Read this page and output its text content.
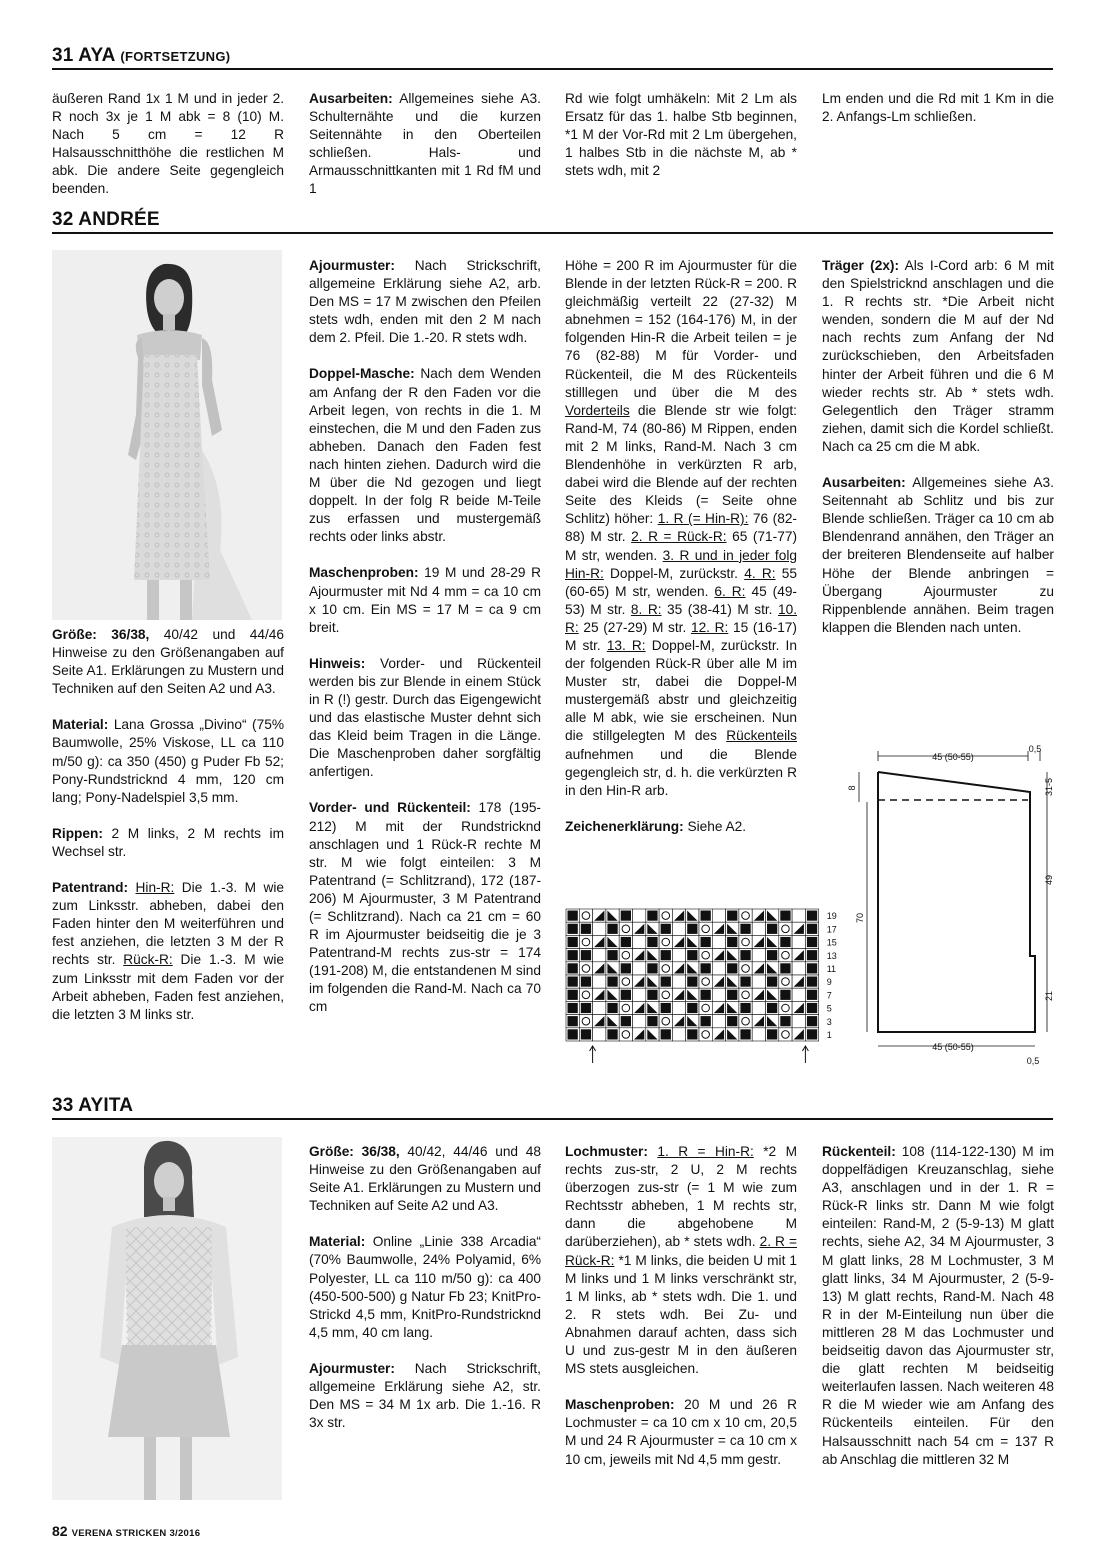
31 AYA (FORTSETZUNG)

äußeren Rand 1x 1 M und in jeder 2. R noch 3x je 1 M abk = 8 (10) M. Nach 5 cm = 12 R Halsausschnitthöhe die restlichen M abk. Die andere Seite gegengleich beenden.

Ausarbeiten: Allgemeines siehe A3. Schulternähte und die kurzen Seitennähte in den Oberteilen schließen. Hals- und Armausschnittkanten mit 1 Rd fM und 1

Rd wie folgt umhäkeln: Mit 2 Lm als Ersatz für das 1. halbe Stb beginnen, *1 M der Vor-Rd mit 2 Lm übergehen, 1 halbes Stb in die nächste M, ab * stets wdh, mit 2

Lm enden und die Rd mit 1 Km in die 2. Anfangs-Lm schließen.

32 ANDRÉE

Größe: 36/38, 40/42 und 44/46 Hinweise zu den Größenangaben auf Seite A1. Erklärungen zu Mustern und Techniken auf den Seiten A2 und A3.

Material: Lana Grossa „Divino“ (75% Baumwolle, 25% Viskose, LL ca 110 m/50 g): ca 350 (450) g Puder Fb 52; Pony-Rundstricknd 4 mm, 120 cm lang; Pony-Nadelspiel 3,5 mm.

Rippen: 2 M links, 2 M rechts im Wechsel str.

Patentrand: Hin-R: Die 1.-3. M wie zum Linksstr. abheben, dabei den Faden hinter den M weiterführen und fest anziehen, die letzten 3 M der R rechts str. Rück-R: Die 1.-3. M wie zum Linksstr mit dem Faden vor der Arbeit abheben, Faden fest anziehen, die letzten 3 M links str.

Ajourmuster: Nach Strickschrift, allgemeine Erklärung siehe A2, arb. Den MS = 17 M zwischen den Pfeilen stets wdh, enden mit den 2 M nach dem 2. Pfeil. Die 1.-20. R stets wdh.

Doppel-Masche: Nach dem Wenden am Anfang der R den Faden vor die Arbeit legen, von rechts in die 1. M einstechen, die M und den Faden zus abheben. Danach den Faden fest nach hinten ziehen. Dadurch wird die M über die Nd gezogen und liegt doppelt. In der folg R beide M-Teile zus erfassen und mustergemäß rechts oder links abstr.

Maschenproben: 19 M und 28-29 R Ajourmuster mit Nd 4 mm = ca 10 cm x 10 cm. Ein MS = 17 M = ca 9 cm breit.

Hinweis: Vorder- und Rückenteil werden bis zur Blende in einem Stück in R (!) gestr. Durch das Eigengewicht und das elastische Muster dehnt sich das Kleid beim Tragen in die Länge. Die Maschenproben daher sorgfältig anfertigen.

Vorder- und Rückenteil: 178 (195-212) M mit der Rundstricknd anschlagen und 1 Rück-R rechte M str. M wie folgt einteilen: 3 M Patentrand (= Schlitzrand), 172 (187-206) M Ajourmuster, 3 M Patentrand (= Schlitzrand). Nach ca 21 cm = 60 R im Ajourmuster beidseitig die je 3 Patentrand-M rechts zus-str = 174 (191-208) M, die entstandenen M sind im folgenden die Rand-M. Nach ca 70 cm

Höhe = 200 R im Ajourmuster für die Blende in der letzten Rück-R = 200. R gleichmäßig verteilt 22 (27-32) M abnehmen = 152 (164-176) M, in der folgenden Hin-R die Arbeit teilen = je 76 (82-88) M für Vorder- und Rückenteil, die M des Rückenteils stilllegen und über die M des Vorderteils die Blende str wie folgt: Rand-M, 74 (80-86) M Rippen, enden mit 2 M links, Rand-M. Nach 3 cm Blendenhöhe in verkürzten R arb, dabei wird die Blende auf der rechten Seite des Kleids (= Seite ohne Schlitz) höher: 1. R (= Hin-R): 76 (82-88) M str. 2. R = Rück-R: 65 (71-77) M str, wenden. 3. R und in jeder folg Hin-R: Doppel-M, zurückstr. 4. R: 55 (60-65) M str, wenden. 6. R: 45 (49-53) M str. 8. R: 35 (38-41) M str. 10. R: 25 (27-29) M str. 12. R: 15 (16-17) M str. 13. R: Doppel-M, zurückstr. In der folgenden Rück-R über alle M im Muster str, dabei die Doppel-M mustergemäß abstr und gleichzeitig alle M abk, wie sie erscheinen. Nun die stillgelegten M des Rückenteils aufnehmen und die Blende gegengleich str, d. h. die verkürzten R in den Hin-R arb.

Zeichenerklärung: Siehe A2.

Träger (2x): Als I-Cord arb: 6 M mit den Spielstricknd anschlagen und die 1. R rechts str. *Die Arbeit nicht wenden, sondern die M auf der Nd nach rechts zum Anfang der Nd zurückschieben, den Arbeitsfaden hinter der Arbeit führen und die 6 M wieder rechts str. Ab * stets wdh. Gelegentlich den Träger stramm ziehen, damit sich die Kordel schließt. Nach ca 25 cm die M abk.

Ausarbeiten: Allgemeines siehe A3. Seitennaht ab Schlitz und bis zur Blende schließen. Träger ca 10 cm ab Blendenrand annähen, den Träger an der breiteren Blendenseite auf halber Höhe der Blende anbringen = Übergang Ajourmuster zu Rippenblende annähen. Beim tragen klappen die Blenden nach unten.

19
17
15
13
11
9
7
5
3
1
45 (50-55)
0,5
8
70
31-5
49
21
45 (50-55)
0,5
33 AYITA

Größe: 36/38, 40/42, 44/46 und 48 Hinweise zu den Größenangaben auf Seite A1. Erklärungen zu Mustern und Techniken auf Seite A2 und A3.

Material: Online „Linie 338 Arcadia“ (70% Baumwolle, 24% Polyamid, 6% Polyester, LL ca 110 m/50 g): ca 400 (450-500-500) g Natur Fb 23; KnitPro-Strickd 4,5 mm, KnitPro-Rundstricknd 4,5 mm, 40 cm lang.

Ajourmuster: Nach Strickschrift, allgemeine Erklärung siehe A2, str. Den MS = 34 M 1x arb. Die 1.-16. R 3x str.

Lochmuster: 1. R = Hin-R: *2 M rechts zus-str, 2 U, 2 M rechts überzogen zus-str (= 1 M wie zum Rechtsstr abheben, 1 M rechts str, dann die abgehobene M darüberziehen), ab * stets wdh. 2. R = Rück-R: *1 M links, die beiden U mit 1 M links und 1 M links verschränkt str, 1 M links, ab * stets wdh. Die 1. und 2. R stets wdh. Bei Zu- und Abnahmen darauf achten, dass sich U und zus-gestr M in den äußeren MS stets ausgleichen.

Maschenproben: 20 M und 26 R Lochmuster = ca 10 cm x 10 cm, 20,5 M und 24 R Ajourmuster = ca 10 cm x 10 cm, jeweils mit Nd 4,5 mm gestr.

Rückenteil: 108 (114-122-130) M im doppelfädigen Kreuzanschlag, siehe A3, anschlagen und in der 1. R = Rück-R links str. Dann M wie folgt einteilen: Rand-M, 2 (5-9-13) M glatt rechts, siehe A2, 34 M Ajourmuster, 3 M glatt links, 28 M Lochmuster, 3 M glatt links, 34 M Ajourmuster, 2 (5-9-13) M glatt rechts, Rand-M. Nach 48 R in der M-Einteilung nun über die mittleren 28 M das Lochmuster und beidseitig davon das Ajourmuster str, die glatt rechten M beidseitig weiterlaufen lassen. Nach weiteren 48 R die M wieder wie am Anfang des Rückenteils einteilen. Für den Halsausschnitt nach 54 cm = 137 R ab Anschlag die mittleren 32 M

82 VERENA STRICKEN 3/2016
